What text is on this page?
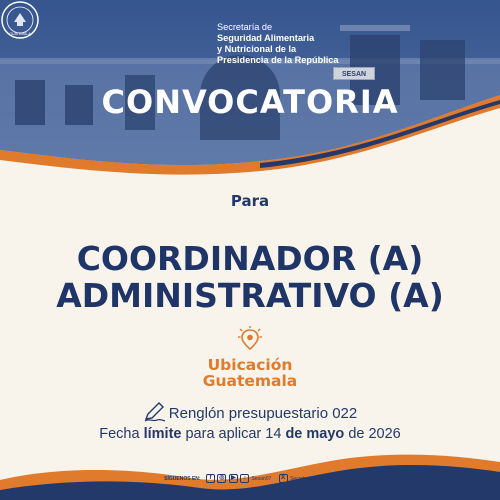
GUATEMALA
Secretaría de
Seguridad Alimentaria
y Nutricional de la
Presidencia de la República
SESAN
CONVOCATORIA
Para
COORDINADOR (A)
ADMINISTRATIVO (A)
Ubicación
Guatemala
Renglón presupuestario 022
Fecha límite para aplicar 14 de mayo de 2026
SÍGUENOS EN: f ◎ ▶ ♪ Sesan07 X SecretariaSESAN
